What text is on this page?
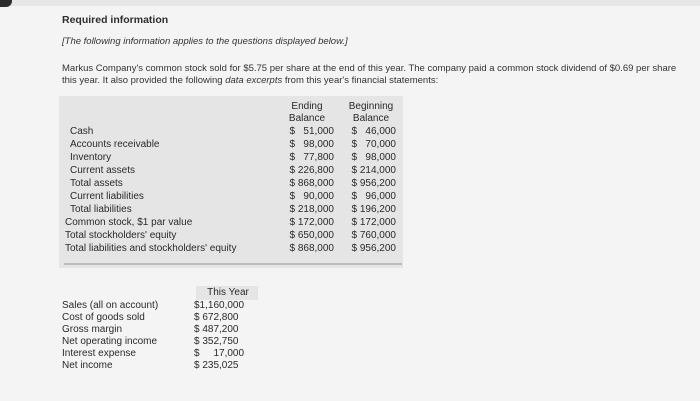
Required information
[The following information applies to the questions displayed below.]
Markus Company's common stock sold for $5.75 per share at the end of this year. The company paid a common stock dividend of $0.69 per share this year. It also provided the following data excerpts from this year's financial statements:
Ending
Balance
Beginning
Balance
Cash	$   51,000	$   46,000
Accounts receivable	$   98,000	$   70,000
Inventory	$   77,800	$   98,000
Current assets	$ 226,800	$ 214,000
Total assets	$ 868,000	$ 956,200
Current liabilities	$   90,000	$   96,000
Total liabilities	$ 218,000	$ 196,200
Common stock, $1 par value	$ 172,000	$ 172,000
Total stockholders' equity	$ 650,000	$ 760,000
Total liabilities and stockholders' equity	$ 868,000	$ 956,200
This Year
Sales (all on account)	$1,160,000
Cost of goods sold	$ 672,800
Gross margin	$ 487,200
Net operating income	$ 352,750
Interest expense	$     17,000
Net income	$ 235,025
